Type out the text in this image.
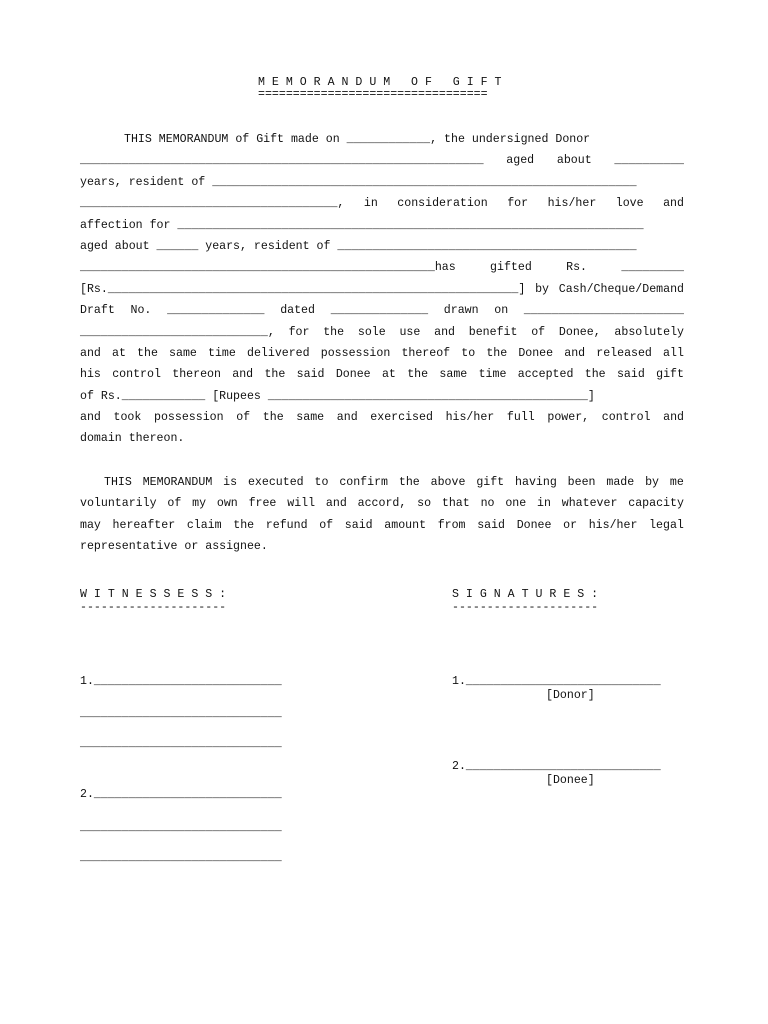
M E M O R A N D U M   O F   G I F T
=================================
THIS MEMORANDUM of Gift made on ____________, the undersigned Donor
__________________________________________________________ aged about __________
years, resident of _____________________________________________________________
_____________________________________, in consideration for his/her love and
affection for ___________________________________________________________________
aged about ______ years, resident of ___________________________________________
___________________________________________________has	gifted	Rs.	_________
[Rs.___________________________________________________________] by Cash/Cheque/Demand
Draft No. ______________ dated ______________ drawn on _______________________
___________________________, for the sole use and benefit of Donee, absolutely
and at the same time delivered possession thereof to the Donee and released all
his control thereon and the said Donee at the same time accepted the said gift
of Rs.____________ [Rupees ______________________________________________]
and took possession of the same and exercised his/her full power, control and
domain thereon.
THIS MEMORANDUM is executed to confirm the above gift having been made by me
voluntarily of my own free will and accord, so that no one in whatever capacity
may hereafter claim the refund of said amount from said Donee or his/her legal
representative or assignee.
W I T N E S S E S S :
---------------------
S I G N A T U R E S :
---------------------
1.___________________________
_____________________________
_____________________________
2.___________________________
_____________________________
_____________________________
1.____________________________
[Donor]
2.____________________________
[Donee]
